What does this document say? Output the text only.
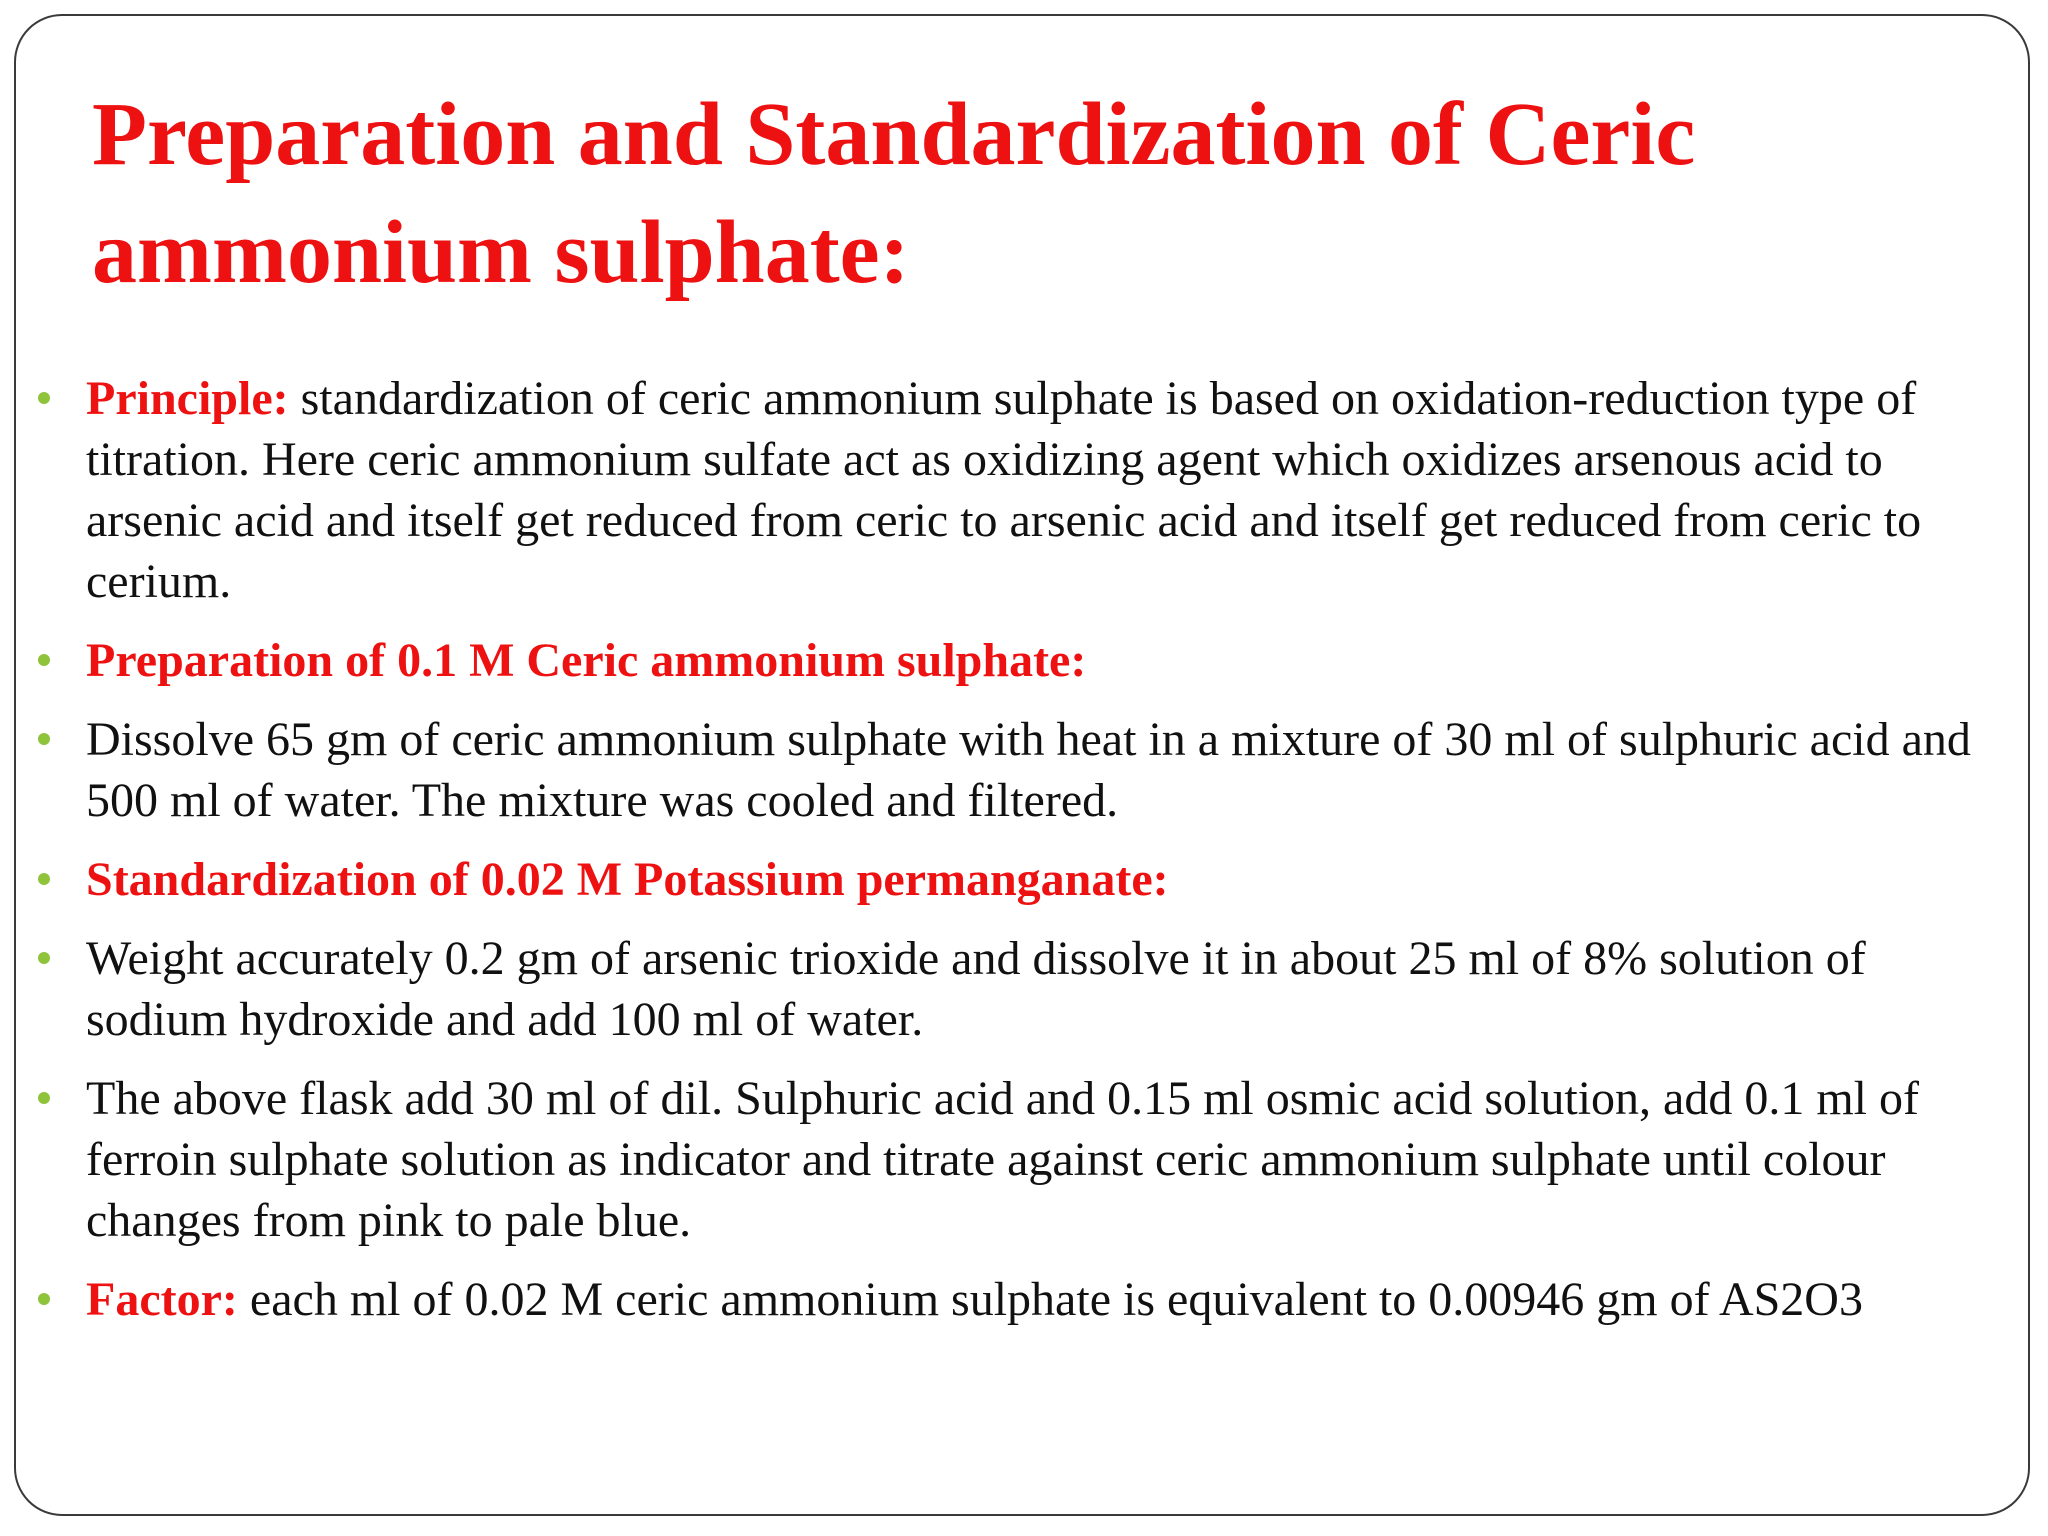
Preparation and Standardization of Ceric ammonium sulphate:
Principle: standardization of ceric ammonium sulphate is based on oxidation-reduction type of titration. Here ceric ammonium sulfate act as oxidizing agent which oxidizes arsenous acid to arsenic acid and itself get reduced from ceric to arsenic acid and itself get reduced from ceric to cerium.
Preparation of 0.1 M Ceric ammonium sulphate:
Dissolve 65 gm of ceric ammonium sulphate with heat in a mixture of 30 ml of sulphuric acid and 500 ml of water. The mixture was cooled and filtered.
Standardization of 0.02 M Potassium permanganate:
Weight accurately 0.2 gm of arsenic trioxide and dissolve it in about 25 ml of 8% solution of sodium hydroxide and add 100 ml of water.
The above flask add 30 ml of dil. Sulphuric acid and 0.15 ml osmic acid solution, add 0.1 ml of ferroin sulphate solution as indicator and titrate against ceric ammonium sulphate until colour changes from pink to pale blue.
Factor: each ml of 0.02 M ceric ammonium sulphate is equivalent to 0.00946 gm of AS2O3
